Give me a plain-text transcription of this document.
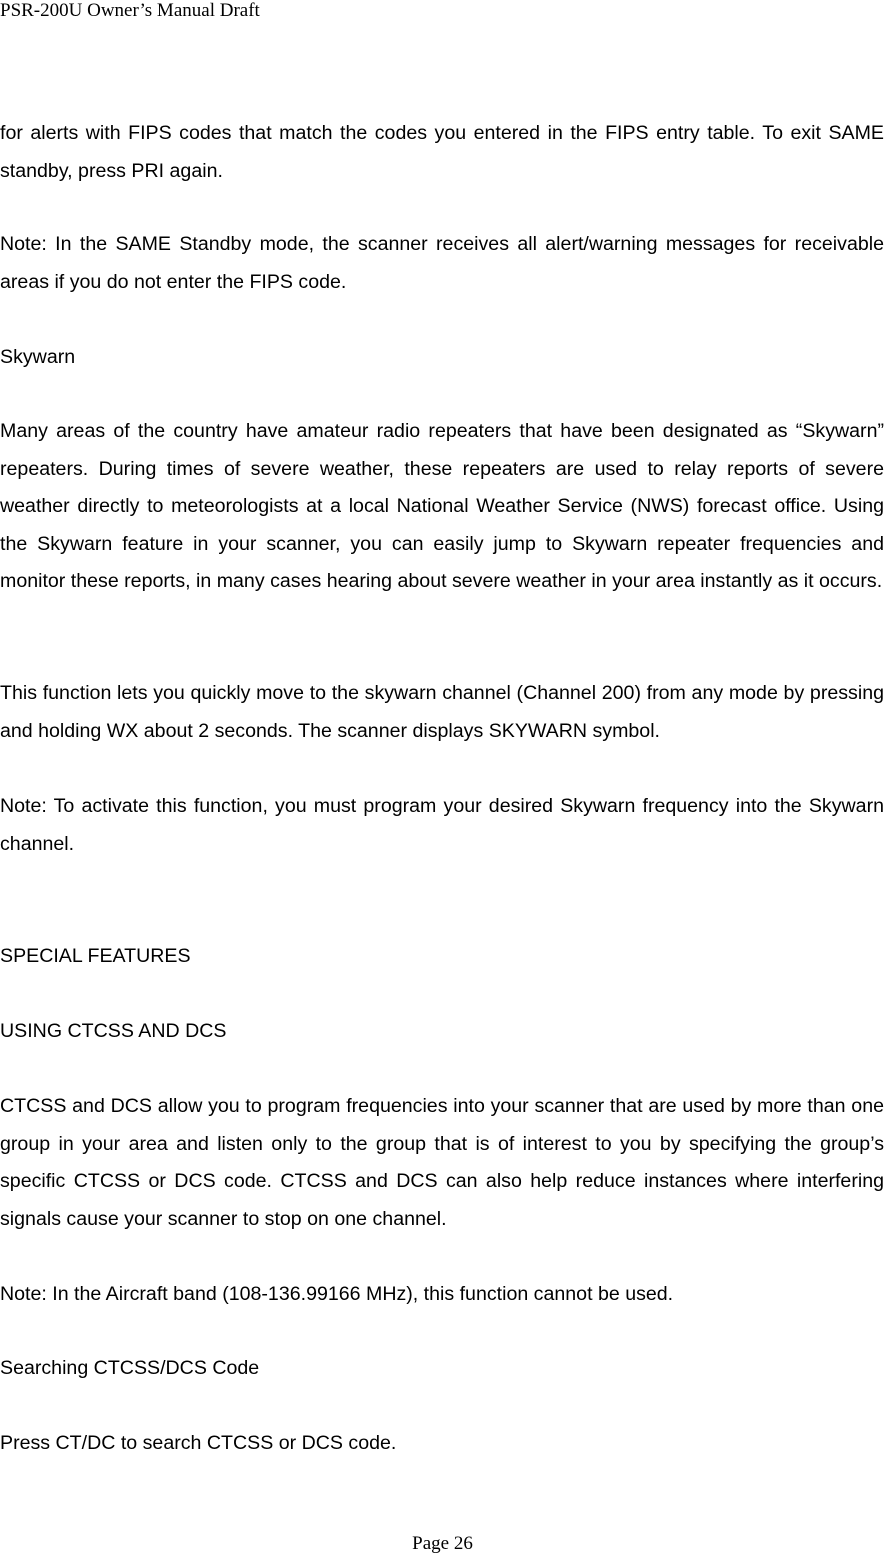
PSR-200U Owner’s Manual Draft
for alerts with FIPS codes that match the codes you entered in the FIPS entry table. To exit SAME standby, press PRI again.
Note: In the SAME Standby mode, the scanner receives all alert/warning messages for receivable areas if you do not enter the FIPS code.
Skywarn
Many areas of the country have amateur radio repeaters that have been designated as “Skywarn” repeaters. During times of severe weather, these repeaters are used to relay reports of severe weather directly to meteorologists at a local National Weather Service (NWS) forecast office. Using the Skywarn feature in your scanner, you can easily jump to Skywarn repeater frequencies and monitor these reports, in many cases hearing about severe weather in your area instantly as it occurs.
This function lets you quickly move to the skywarn channel (Channel 200) from any mode by pressing and holding WX about 2 seconds. The scanner displays SKYWARN symbol.
Note: To activate this function, you must program your desired Skywarn frequency into the Skywarn channel.
SPECIAL FEATURES
USING CTCSS AND DCS
CTCSS and DCS allow you to program frequencies into your scanner that are used by more than one group in your area and listen only to the group that is of interest to you by specifying the group’s specific CTCSS or DCS code. CTCSS and DCS can also help reduce instances where interfering signals cause your scanner to stop on one channel.
Note: In the Aircraft band (108-136.99166 MHz), this function cannot be used.
Searching CTCSS/DCS Code
Press CT/DC to search CTCSS or DCS code.
Page 26
